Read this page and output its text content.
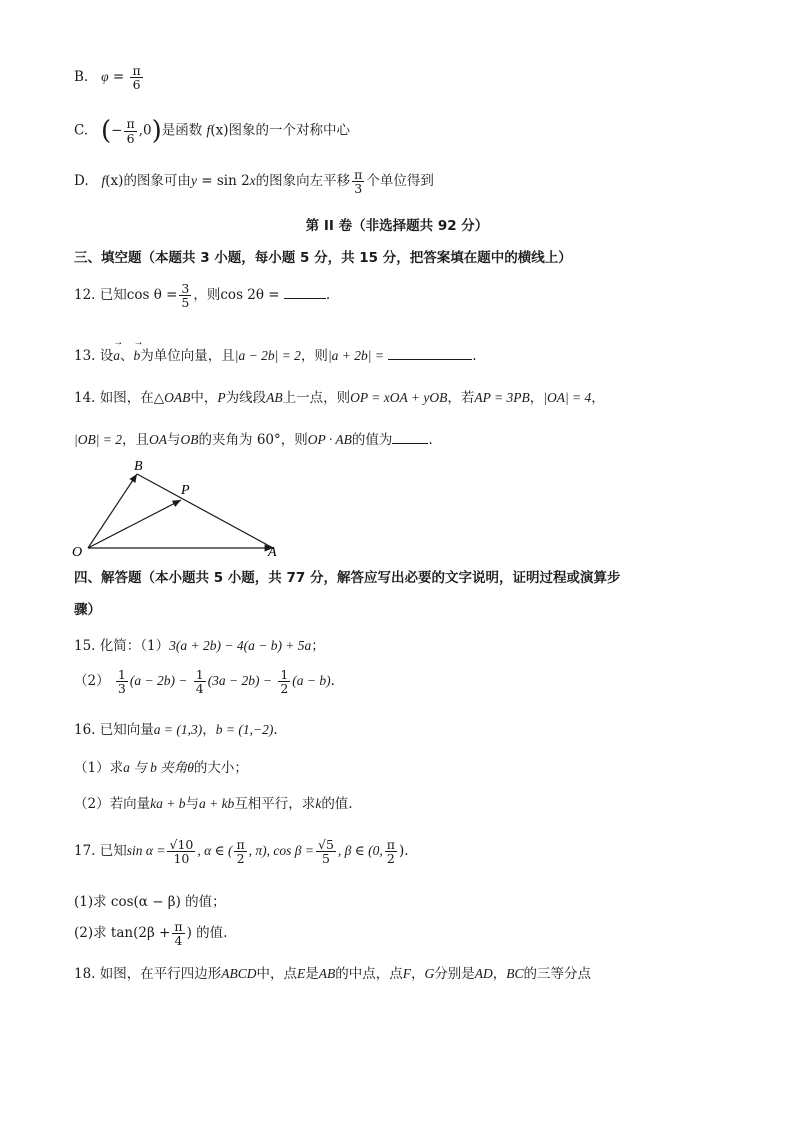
B. $\varphi = \frac{\pi}{6}$
C. (− $\frac{\pi}{6} ,0$)是函数 f(x)图象的一个对称中心
D. f(x)的图象可由y = sin 2x的图象向左平移 $\frac{\pi}{3}$ 个单位得到
第 II 卷（非选择题共 92 分）
三、填空题（本题共 3 小题，每小题 5 分，共 15 分，把答案填在题中的横线上）
12. 已知$\cos \theta = \frac{3}{5}$ ，则cos 2θ =	.
13. 设→ a、→ b为单位向量，且|a − 2b| = 2，则|a + 2b| =	.
14. 如图，在△OAB中，P为线段AB上一点，则OP = xOA + yOB，若AP = 3PB，|OA| = 4，
|OB| = 2，且OA与OB的夹角为 60°，则OP · AB的值为	.
B
P
O	A
四、解答题（本小题共 5 小题，共 77 分，解答应写出必要的文字说明，证明过程或演算步
骤）
15. 化简：（1）3(a + 2b) − 4(a − b) + 5a；
$(2) \frac{1}{3} (a - 2b) - \frac{1}{4} (3a - 2b) - \frac{1}{2} (a - b)$.
16. 已知向量a = (1,3)，b = (1,−2).
（1）求a 与 b 夹角θ的大小；
（2）若向量ka + b与a + kb互相平行，求k的值.
17. 已知$\sin \alpha = \frac{√10}{10}$ , α ∈ ( $\frac{\pi}{2}$ , π), $\cos \beta = \frac{√5}{5}$ , β ∈ (0, $\frac{\pi}{2}$ ).
(1)求 cos(α − β) 的值；
(2)求 $\tan(2\beta + \frac{\pi}{4}$ ) 的值.
18. 如图，在平行四边形ABCD中，点E是AB的中点，点F，G分别是AD，BC的三等分点
